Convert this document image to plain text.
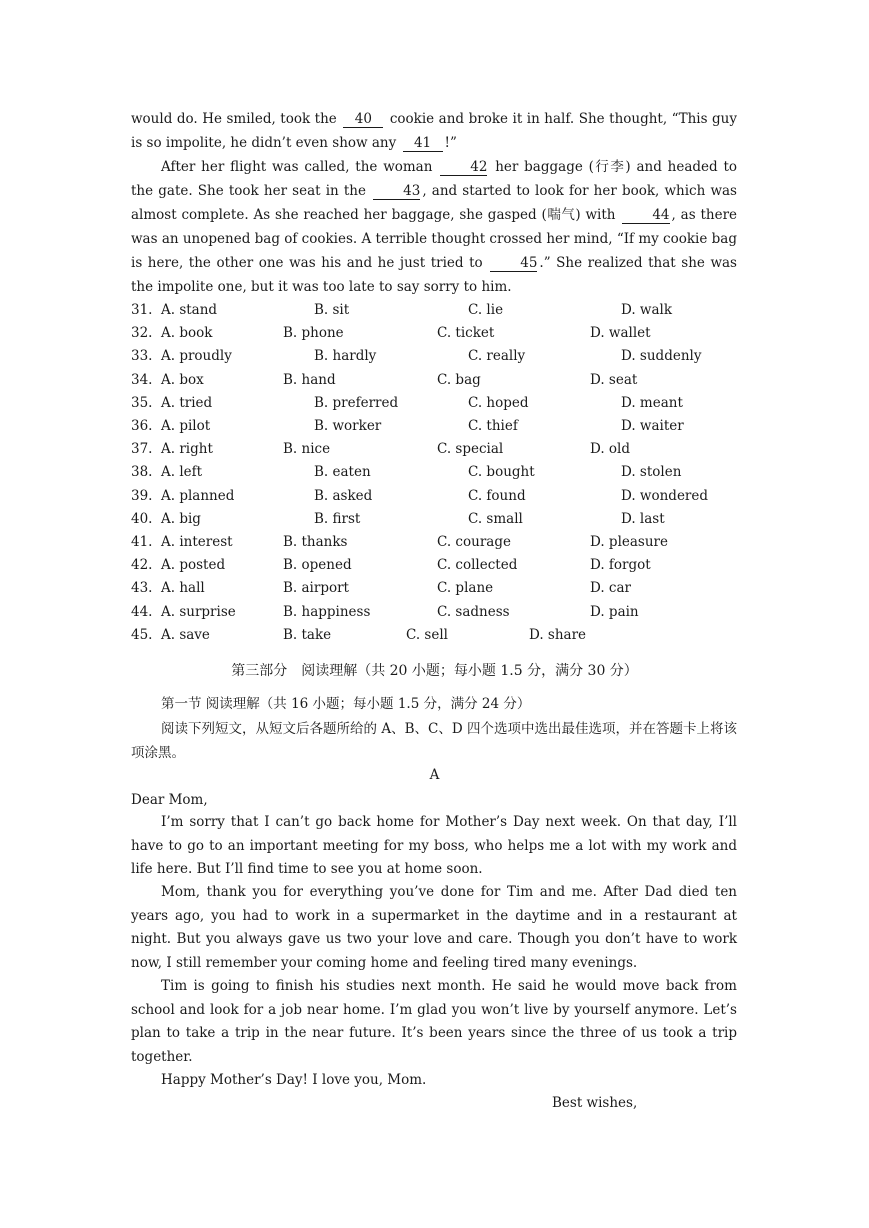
would do. He smiled, took the 40 cookie and broke it in half. She thought, “This guy is so impolite, he didn’t even show any 41 !”

After her flight was called, the woman	42 her baggage (行李) and headed to the gate. She took her seat in the	43 , and started to look for her book, which was almost complete. As she reached her baggage, she gasped (喘气) with	44 , as there was an unopened bag of cookies. A terrible thought crossed her mind, “If my cookie bag is here, the other one was his and he just tried to	45 .” She realized that she was the impolite one, but it was too late to say sorry to him.

31. A. stand	B. sit	C. lie	D. walk
32. A. book	B. phone	C. ticket	D. wallet
33. A. proudly	B. hardly	C. really	D. suddenly
34. A. box	B. hand	C. bag	D. seat
35. A. tried	B. preferred	C. hoped	D. meant
36. A. pilot	B. worker	C. thief	D. waiter
37. A. right	B. nice	C. special	D. old
38. A. left	B. eaten	C. bought	D. stolen
39. A. planned	B. asked	C. found	D. wondered
40. A. big	B. first	C. small	D. last
41. A. interest	B. thanks	C. courage	D. pleasure
42. A. posted	B. opened	C. collected	D. forgot
43. A. hall	B. airport	C. plane	D. car
44. A. surprise	B. happiness	C. sadness	D. pain
45. A. save	B. take	C. sell	D. share
第三部分　阅读理解（共 20 小题；每小题 1.5 分，满分 30 分）

第一节 阅读理解（共 16 小题；每小题 1.5 分，满分 24 分）

阅读下列短文，从短文后各题所给的 A、B、C、D 四个选项中选出最佳选项，并在答题卡上将该项涂黑。

A
Dear Mom,

I’m sorry that I can’t go back home for Mother’s Day next week. On that day, I’ll have to go to an important meeting for my boss, who helps me a lot with my work and life here. But I’ll find time to see you at home soon.

Mom, thank you for everything you’ve done for Tim and me. After Dad died ten years ago, you had to work in a supermarket in the daytime and in a restaurant at night. But you always gave us two your love and care. Though you don’t have to work now, I still remember your coming home and feeling tired many evenings.

Tim is going to finish his studies next month. He said he would move back from school and look for a job near home. I’m glad you won’t live by yourself anymore. Let’s plan to take a trip in the near future. It’s been years since the three of us took a trip together.

Happy Mother’s Day! I love you, Mom.

Best wishes,
